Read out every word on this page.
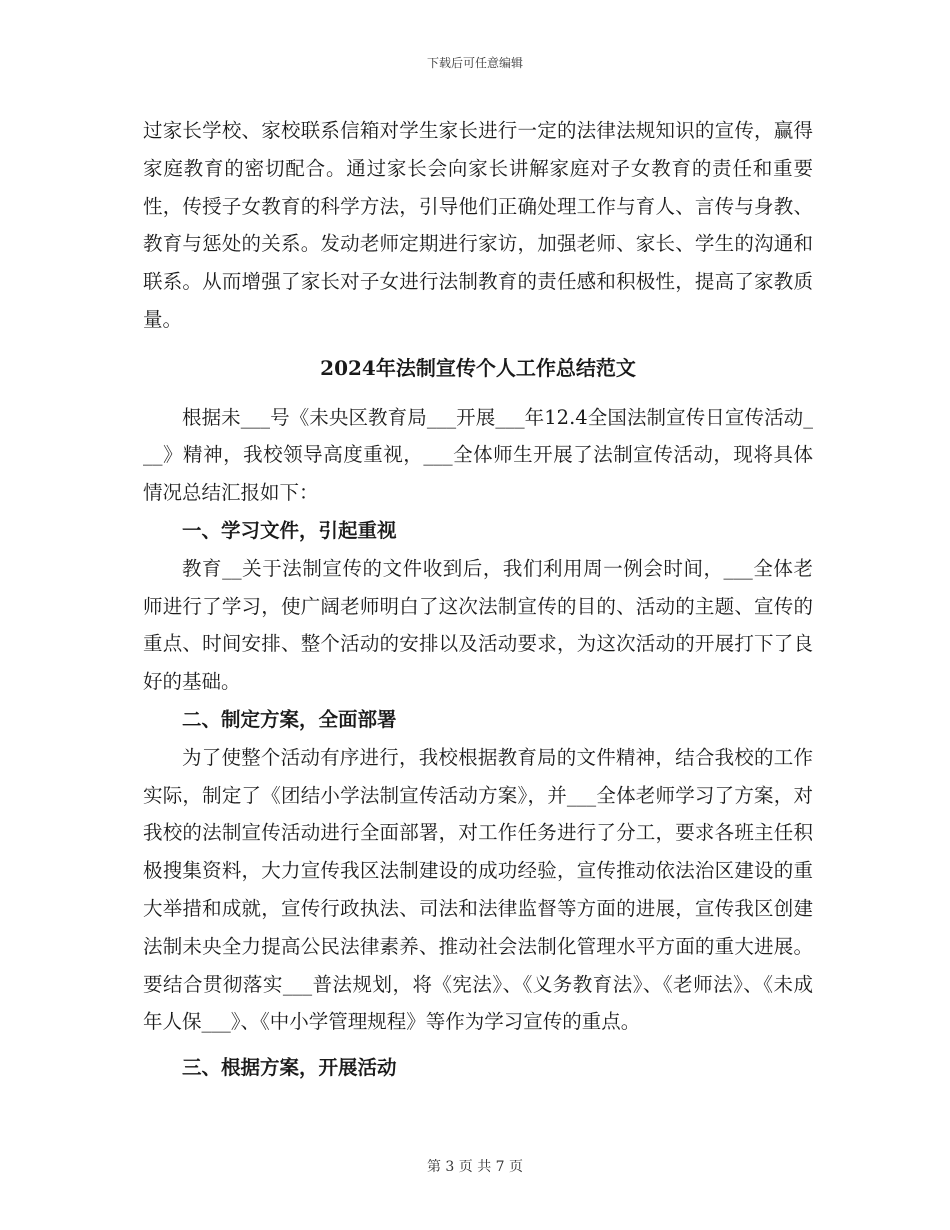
下载后可任意编辑

过家长学校、家校联系信箱对学生家长进行一定的法律法规知识的宣传，赢得家庭教育的密切配合。通过家长会向家长讲解家庭对子女教育的责任和重要性，传授子女教育的科学方法，引导他们正确处理工作与育人、言传与身教、教育与惩处的关系。发动老师定期进行家访，加强老师、家长、学生的沟通和联系。从而增强了家长对子女进行法制教育的责任感和积极性，提高了家教质量。

2024年法制宣传个人工作总结范文

根据未___号《未央区教育局___开展___年12.4全国法制宣传日宣传活动___》精神，我校领导高度重视，___全体师生开展了法制宣传活动，现将具体情况总结汇报如下：

一、学习文件，引起重视

教育__关于法制宣传的文件收到后，我们利用周一例会时间，___全体老师进行了学习，使广阔老师明白了这次法制宣传的目的、活动的主题、宣传的重点、时间安排、整个活动的安排以及活动要求，为这次活动的开展打下了良好的基础。

二、制定方案，全面部署

为了使整个活动有序进行，我校根据教育局的文件精神，结合我校的工作实际，制定了《团结小学法制宣传活动方案》，并___全体老师学习了方案，对我校的法制宣传活动进行全面部署，对工作任务进行了分工，要求各班主任积极搜集资料，大力宣传我区法制建设的成功经验，宣传推动依法治区建设的重大举措和成就，宣传行政执法、司法和法律监督等方面的进展，宣传我区创建法制未央全力提高公民法律素养、推动社会法制化管理水平方面的重大进展。要结合贯彻落实___普法规划，将《宪法》、《义务教育法》、《老师法》、《未成年人保___》、《中小学管理规程》等作为学习宣传的重点。

三、根据方案，开展活动

第 3 页 共 7 页
